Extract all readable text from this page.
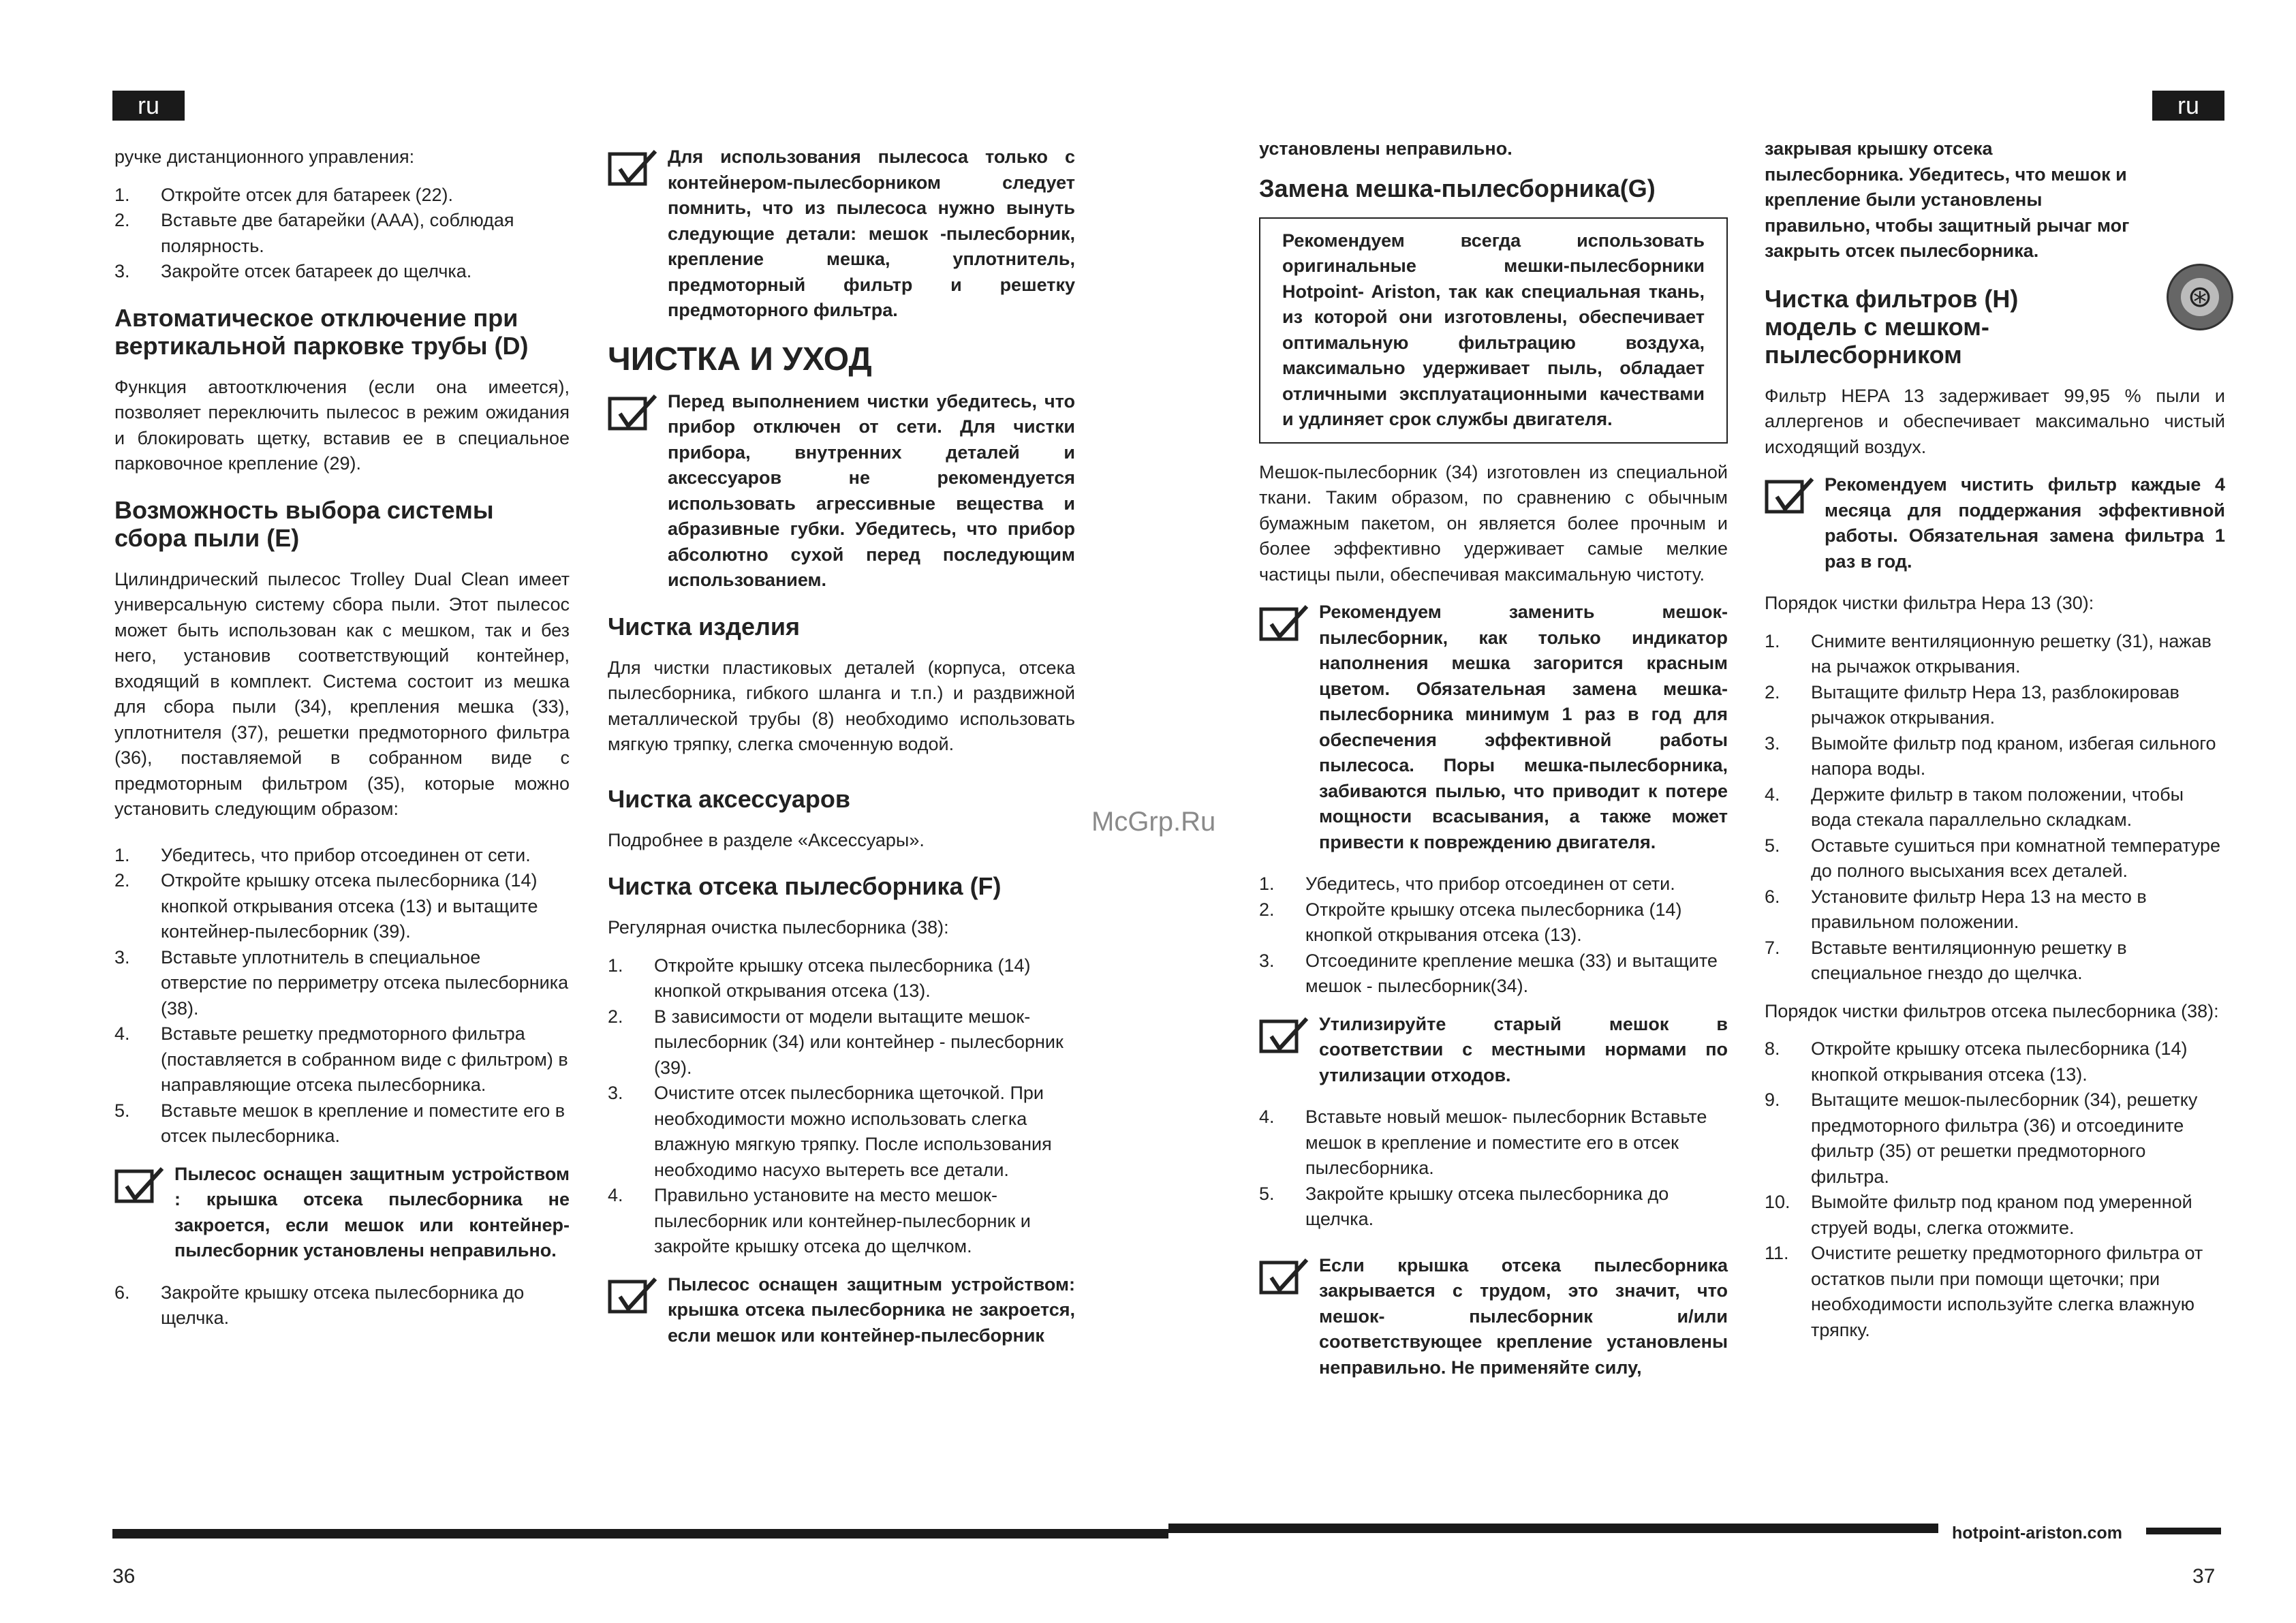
ru	ru

ручке дистанционного управления:

1. Откройте отсек для батареек (22).
2. Вставьте две батарейки (AAA), соблюдая полярность.
3. Закройте отсек батареек до щелчка.
Автоматическое отключение при вертикальной парковке трубы (D)

Функция автоотключения (если она имеется), позволяет переключить пылесос в режим ожидания и блокировать щетку, вставив ее в специальное парковочное крепление (29).

Возможность выбора системы сбора пыли (E)

Цилиндрический пылесос Trolley Dual Clean имеет универсальную систему сбора пыли. Этот пылесос может быть использован как с мешком, так и без него, установив соответствующий контейнер, входящий в комплект. Система состоит из мешка для сбора пыли (34), крепления мешка (33), уплотнителя (37), решетки предмоторного фильтра (36), поставляемой в собранном виде с предмоторным фильтром (35), которые можно установить следующим образом:

1. Убедитесь, что прибор отсоединен от сети.
2. Откройте крышку отсека пылесборника (14) кнопкой открывания отсека (13) и вытащите контейнер-пылесборник (39).
3. Вставьте уплотнитель в специальное отверстие по перриметру отсека пылесборника (38).
4. Вставьте решетку предмоторного фильтра (поставляется в собранном виде с фильтром) в направляющие отсека пылесборника.
5. Вставьте мешок в крепление и поместите его в отсек пылесборника.
Пылесос оснащен защитным устройством : крышка отсека пылесборника не закроется, если мешок или контейнер-пылесборник установлены неправильно.
6. Закройте крышку отсека пылесборника до щелчка.
Для использования пылесоса только с контейнером-пылесборником следует помнить, что из пылесоса нужно вынуть следующие детали: мешок -пылесборник, крепление мешка, уплотнитель, предмоторный фильтр и решетку предмоторного фильтра.
ЧИСТКА И УХОД
Перед выполнением чистки убедитесь, что прибор отключен от сети. Для чистки прибора, внутренних деталей и аксессуаров не рекомендуется использовать агрессивные вещества и абразивные губки. Убедитесь, что прибор абсолютно сухой перед последующим использованием.
Чистка изделия

Для чистки пластиковых деталей (корпуса, отсека пылесборника, гибкого шланга и т.п.) и раздвижной металлической трубы (8) необходимо использовать мягкую тряпку, слегка смоченную водой.

Чистка аксессуаров

Подробнее в разделе «Аксессуары».

Чистка отсека пылесборника (F)

Регулярная очистка пылесборника (38):

1. Откройте крышку отсека пылесборника (14) кнопкой открывания отсека (13).
2. В зависимости от модели вытащите мешок-пылесборник (34) или контейнер - пылесборник (39).
3. Очистите отсек пылесборника щеточкой. При необходимости можно использовать слегка влажную мягкую тряпку. После использования необходимо насухо вытереть все детали.
4. Правильно установите на место мешок-пылесборник или контейнер-пылесборник и закройте крышку отсека до щелчком.
Пылесос оснащен защитным устройством: крышка отсека пылесборника не закроется, если мешок или контейнер-пылесборник

установлены неправильно.

Замена мешка-пылесборника(G)
Рекомендуем всегда использовать оригинальные мешки-пылесборники Hotpoint- Ariston, так как специальная ткань, из которой они изготовлены, обеспечивает оптимальную фильтрацию воздуха, максимально удерживает пыль, обладает отличными эксплуатационными качествами и удлиняет срок службы двигателя.

Мешок-пылесборник (34) изготовлен из специальной ткани. Таким образом, по сравнению с обычным бумажным пакетом, он является более прочным и более эффективно удерживает самые мелкие частицы пыли, обеспечивая максимальную чистоту.

Рекомендуем заменить мешок-пылесборник, как только индикатор наполнения мешка загорится красным цветом. Обязательная замена мешка-пылесборника минимум 1 раз в год для обеспечения эффективной работы пылесоса. Поры мешка-пылесборника, забиваются пылью, что приводит к потере мощности всасывания, а также может привести к повреждению двигателя.
1. Убедитесь, что прибор отсоединен от сети.
2. Откройте крышку отсека пылесборника (14) кнопкой открывания отсека (13).
3. Отсоедините крепление мешка (33) и вытащите мешок - пылесборник(34).
Утилизируйте старый мешок в соответствии с местными нормами по утилизации отходов.
4. Вставьте новый мешок- пылесборник Вставьте мешок в крепление и поместите его в отсек пылесборника.
5. Закройте крышку отсека пылесборника до щелчка.
Если крышка отсека пылесборника закрывается с трудом, это значит, что мешок- пылесборник и/или соответствующее крепление установлены неправильно. Не применяйте силу,

закрывая крышку отсека пылесборника. Убедитесь, что мешок и крепление были установлены правильно, чтобы защитный рычаг мог закрыть отсек пылесборника.

Чистка фильтров (H) модель с мешком- пылесборником

Фильтр HEPA 13 задерживает 99,95 % пыли и аллергенов и обеспечивает максимально чистый исходящий воздух.

Рекомендуем чистить фильтр каждые 4 месяца для поддержания эффективной работы. Обязательная замена фильтра 1 раз в год.

Порядок чистки фильтра Hepa 13 (30):

1. Снимите вентиляционную решетку (31), нажав на рычажок открывания.
2. Вытащите фильтр Hepa 13, разблокировав рычажок открывания.
3. Вымойте фильтр под краном, избегая сильного напора воды.
4. Держите фильтр в таком положении, чтобы вода стекала параллельно складкам.
5. Оставьте сушиться при комнатной температуре до полного высыхания всех деталей.
6. Установите фильтр Hepa 13 на место в правильном положении.
7. Вставьте вентиляционную решетку в специальное гнездо до щелчка.

Порядок чистки фильтров отсека пылесборника (38):

8. Откройте крышку отсека пылесборника (14) кнопкой открывания отсека (13).
9. Вытащите мешок-пылесборник (34), решетку предмоторного фильтра (36) и отсоедините фильтр (35) от решетки предмоторного фильтра.
10. Вымойте фильтр под краном под умеренной струей воды, слегка отожмите.
11. Очистите решетку предмоторного фильтра от остатков пыли при помощи щеточки; при необходимости используйте слегка влажную тряпку.
⊛
McGrp.Ru
hotpoint-ariston.com
36	37
